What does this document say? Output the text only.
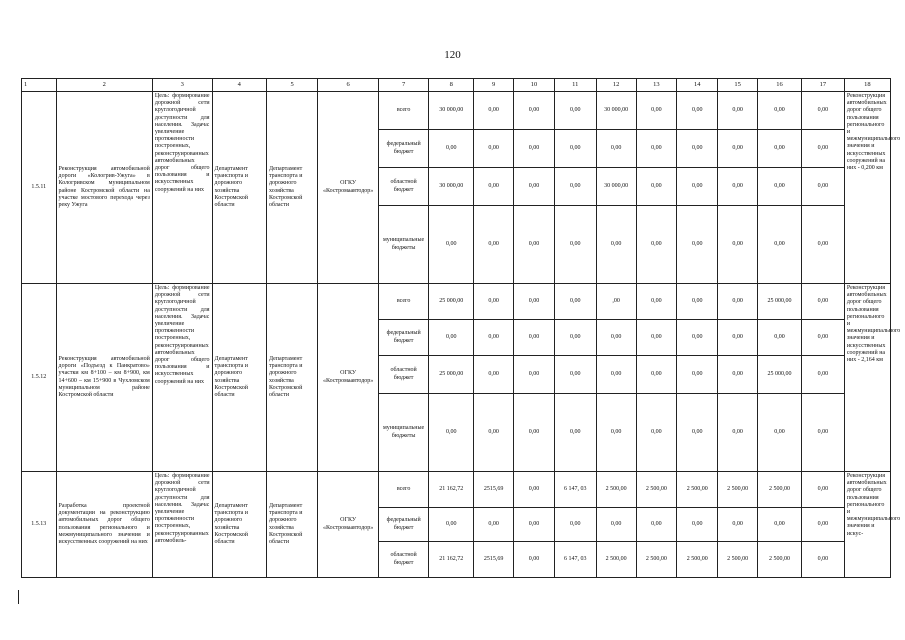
120
1	2	3	4	5	6	7	8	9	10	11	12	13	14	15	16	17	18
1.5.11	Реконструкция автомобильной дороги «Кологрив-Ужуга» в Кологривском муниципальном районе Костромской области на участке мостового перехода через реку Ужуга	Цель: формирование дорожной сети круглогодичной доступности для населения. Задача: увеличение протяженности построенных, реконструированных автомобильных дорог общего пользования и искусственных сооружений на них	Департамент транспорта и дорожного хозяйства Костромской области	Департамент транспорта и дорожного хозяйства Костромской области	ОГКУ «Костромаавтодор»	всего	30 000,00	0,00	0,00	0,00	30 000,00	0,00	0,00	0,00	0,00	0,00	Реконструкция автомобильных дорог общего пользования регионального и межмуниципального значения и искусственных сооружений на них - 0,200 км
						федеральный бюджет	0,00	0,00	0,00	0,00	0,00	0,00	0,00	0,00	0,00	0,00	
						областной бюджет	30 000,00	0,00	0,00	0,00	30 000,00	0,00	0,00	0,00	0,00	0,00	
						муниципальные бюджеты	0,00	0,00	0,00	0,00	0,00	0,00	0,00	0,00	0,00	0,00	
1.5.12	Реконструкция автомобильной дороги «Подъезд к Панкратово» участки км 8+100 – км 8+900, км 14+600 – км 15+900 в Чухломском муниципальном районе Костромской области	Цель: формирование дорожной сети круглогодичной доступности для населения. Задача: увеличение протяженности построенных, реконструированных автомобильных дорог общего пользования и искусственных сооружений на них	Департамент транспорта и дорожного хозяйства Костромской области	Департамент транспорта и дорожного хозяйства Костромской области	ОГКУ «Костромаавтодор»	всего	25 000,00	0,00	0,00	0,00	,00	0,00	0,00	0,00	25 000,00	0,00	Реконструкция автомобильных дорог общего пользования регионального и межмуниципального значения и искусственных сооружений на них - 2,164 км
						федеральный бюджет	0,00	0,00	0,00	0,00	0,00	0,00	0,00	0,00	0,00	0,00	
						областной бюджет	25 000,00	0,00	0,00	0,00	0,00	0,00	0,00	0,00	25 000,00	0,00	
						муниципальные бюджеты	0,00	0,00	0,00	0,00	0,00	0,00	0,00	0,00	0,00	0,00	
1.5.13	Разработка проектной документации на реконструкцию автомобильных дорог общего пользования регионального и межмуниципального значения и искусственных сооружений на них	Цель: формирование дорожной сети круглогодичной доступности для населения. Задача: увеличение протяженности построенных, реконструированных автомобиль-	Департамент транспорта и дорожного хозяйства Костромской области	Департамент транспорта и дорожного хозяйства Костромской области	ОГКУ «Костромаавтодор»	всего	21 162,72	2515,69	0,00	6 147, 03	2 500,00	2 500,00	2 500,00	2 500,00	2 500,00	0,00	Реконструкция автомобильных дорог общего пользования регионального и межмуниципального значения и искус-
						федеральный бюджет	0,00	0,00	0,00	0,00	0,00	0,00	0,00	0,00	0,00	0,00	
						областной бюджет	21 162,72	2515,69	0,00	6 147, 03	2 500,00	2 500,00	2 500,00	2 500,00	2 500,00	0,00	
